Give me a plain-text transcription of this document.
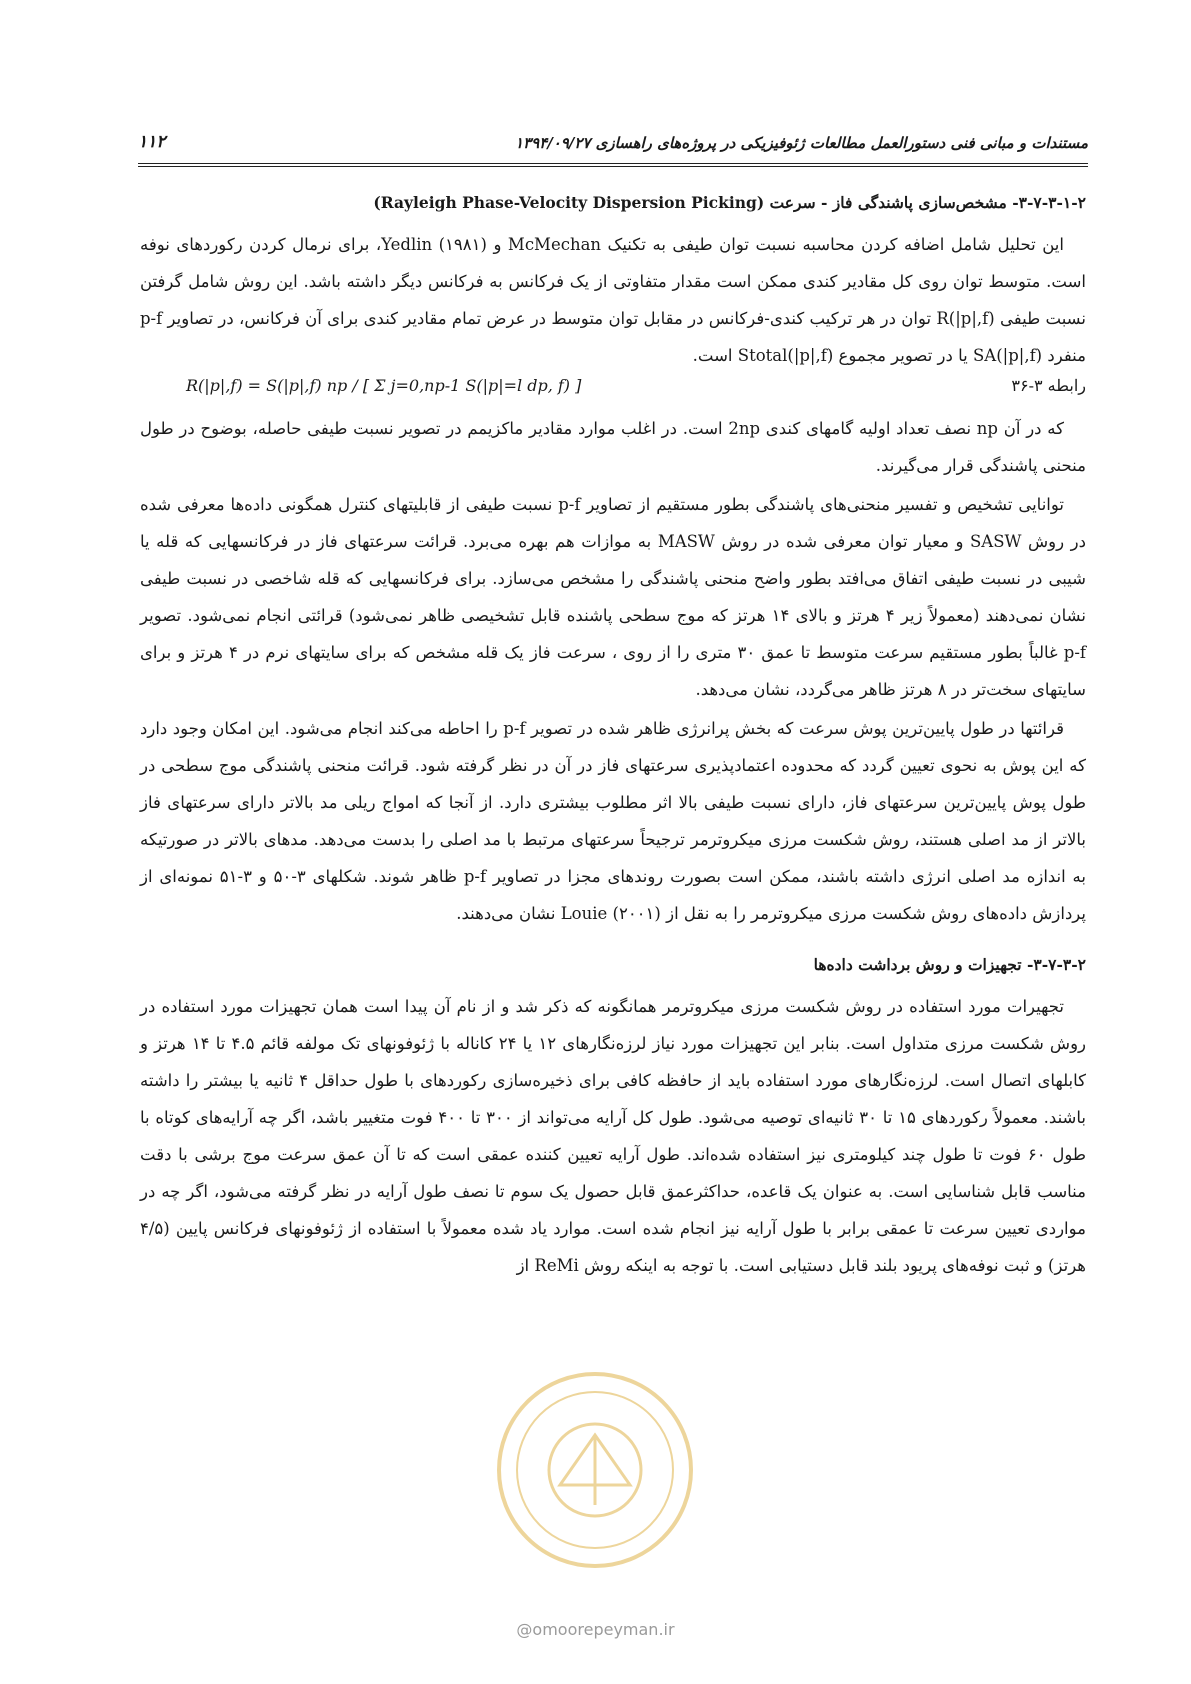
مستندات و مبانی فنی دستورالعمل مطالعات ژئوفیزیکی در پروژه‌های راهسازی ۱۳۹۴/۰۹/۲۷
۱۱۲
۳-۷-۳-۱-۲- مشخص‌سازی پاشندگی فاز - سرعت (Rayleigh Phase-Velocity Dispersion Picking)

این تحلیل شامل اضافه کردن محاسبه نسبت توان طیفی به تکنیک McMechan و Yedlin (۱۹۸۱)، برای نرمال کردن رکوردهای نوفه است. متوسط توان روی کل مقادیر کندی ممکن است مقدار متفاوتی از یک فرکانس به فرکانس دیگر داشته باشد. این روش شامل گرفتن نسبت طیفی R(|p|,f) توان در هر ترکیب کندی-فرکانس در مقابل توان متوسط در عرض تمام مقادیر کندی برای آن فرکانس، در تصاویر p-f منفرد SA(|p|,f) یا در تصویر مجموع Stotal(|p|,f) است.

رابطه ۳-۳۶
R(|p|,f) = S(|p|,f) np / [ Σ j=0,np-1 S(|p|=l dp, f) ]

که در آن np نصف تعداد اولیه گامهای کندی 2np است. در اغلب موارد مقادیر ماکزیمم در تصویر نسبت طیفی حاصله، بوضوح در طول منحنی پاشندگی قرار می‌گیرند.

توانایی تشخیص و تفسیر منحنی‌های پاشندگی بطور مستقیم از تصاویر p-f نسبت طیفی از قابلیتهای کنترل همگونی داده‌ها معرفی شده در روش SASW و معیار توان معرفی شده در روش MASW به موازات هم بهره می‌برد. قرائت سرعتهای فاز در فرکانسهایی که قله یا شیبی در نسبت طیفی اتفاق می‌افتد بطور واضح منحنی پاشندگی را مشخص می‌سازد. برای فرکانسهایی که قله شاخصی در نسبت طیفی نشان نمی‌دهند (معمولاً زیر ۴ هرتز و بالای ۱۴ هرتز که موج سطحی پاشنده قابل تشخیصی ظاهر نمی‌شود) قرائتی انجام نمی‌شود. تصویر p-f غالباً بطور مستقیم سرعت متوسط تا عمق ۳۰ متری را از روی ، سرعت فاز یک قله مشخص که برای سایتهای نرم در ۴ هرتز و برای سایتهای سخت‌تر در ۸ هرتز ظاهر می‌گردد، نشان می‌دهد.

قرائتها در طول پایین‌ترین پوش سرعت که بخش پرانرژی ظاهر شده در تصویر p-f را احاطه می‌کند انجام می‌شود. این امکان وجود دارد که این پوش به نحوی تعیین گردد که محدوده اعتمادپذیری سرعتهای فاز در آن در نظر گرفته شود. قرائت منحنی پاشندگی موج سطحی در طول پوش پایین‌ترین سرعتهای فاز، دارای نسبت طیفی بالا اثر مطلوب بیشتری دارد. از آنجا که امواج ریلی مد بالاتر دارای سرعتهای فاز بالاتر از مد اصلی هستند، روش شکست مرزی میکروترمر ترجیحاً سرعتهای مرتبط با مد اصلی را بدست می‌دهد. مدهای بالاتر در صورتیکه به اندازه مد اصلی انرژی داشته باشند، ممکن است بصورت روندهای مجزا در تصاویر p-f ظاهر شوند. شکلهای ۳-۵۰ و ۳-۵۱ نمونه‌ای از پردازش داده‌های روش شکست مرزی میکروترمر را به نقل از Louie (۲۰۰۱) نشان می‌دهند.

۳-۷-۳-۲- تجهیزات و روش برداشت داده‌ها

تجهیرات مورد استفاده در روش شکست مرزی میکروترمر همانگونه که ذکر شد و از نام آن پیدا است همان تجهیزات مورد استفاده در روش شکست مرزی متداول است. بنابر این تجهیزات مورد نیاز لرزه‌نگارهای ۱۲ یا ۲۴ کاناله با ژئوفونهای تک مولفه قائم ۴.۵ تا ۱۴ هرتز و کابلهای اتصال است. لرزه‌نگارهای مورد استفاده باید از حافظه کافی برای ذخیره‌سازی رکوردهای با طول حداقل ۴ ثانیه یا بیشتر را داشته باشند. معمولاً رکوردهای ۱۵ تا ۳۰ ثانیه‌ای توصیه می‌شود. طول کل آرایه می‌تواند از ۳۰۰ تا ۴۰۰ فوت متغییر باشد، اگر چه آرایه‌های کوتاه با طول ۶۰ فوت تا طول چند کیلومتری نیز استفاده شده‌اند. طول آرایه تعیین کننده عمقی است که تا آن عمق سرعت موج برشی با دقت مناسب قابل شناسایی است. به عنوان یک قاعده، حداکثرعمق قابل حصول یک سوم تا نصف طول آرایه در نظر گرفته می‌شود، اگر چه در مواردی تعیین سرعت تا عمقی برابر با طول آرایه نیز انجام شده است. موارد یاد شده معمولاً با استفاده از ژئوفونهای فرکانس پایین (۴/۵ هرتز) و ثبت نوفه‌های پریود بلند قابل دستیابی است. با توجه به اینکه روش ReMi از

@omoorepeyman.ir
